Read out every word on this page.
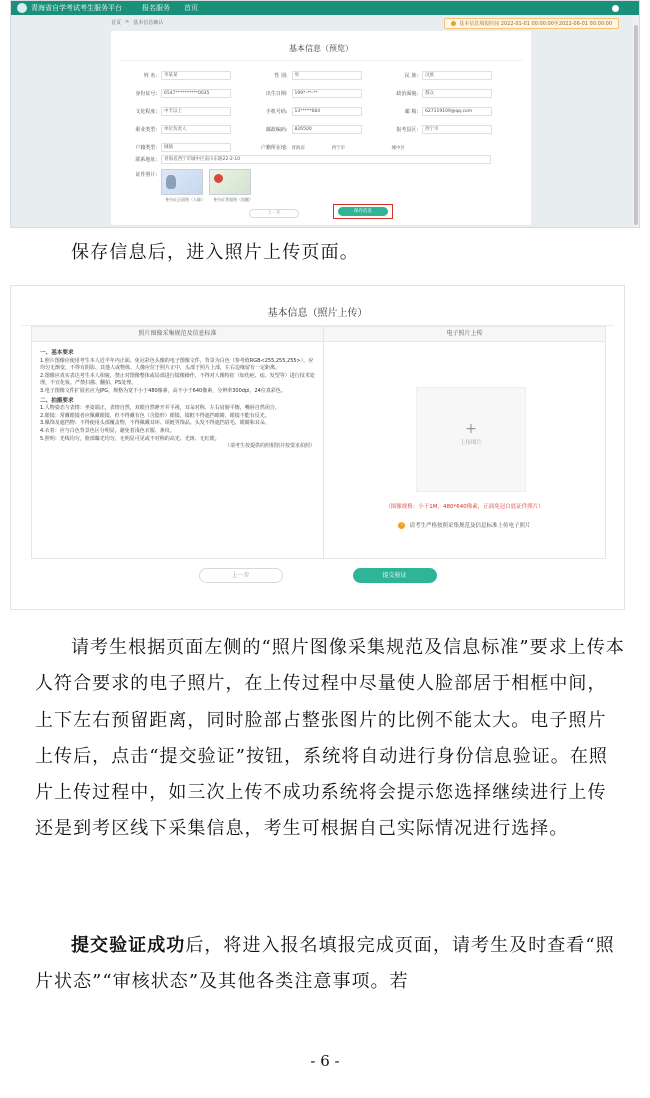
青海省自学考试考生服务平台	报名服务 首页
首页 > 基本信息确认	基本信息填报时间 2022-01-01 00:00:00至2022-06-01 00:00:00
基本信息（预览）
姓 名:	李某某	性 别:	男	民 族:	汉族
身份证号:	6547**********0035	出生日期:	199*-**-**	政治面貌:	群众
文化程度:	中专以上	手机号码:	13*****684	邮 箱:	627119109@qq.com
职业类型:	单位负责人	邮政编码:	826500	报考县区:	西宁市
户籍类型:	城镇	户籍所在地: 青海省	西宁市	城中区
联系地址:	青海省西宁市城中区南川东路22-2-10
证件照片:
身份证正面照（人像）	身份证背面照（国徽）
上一步	保存信息
保存信息后，进入照片上传页面。
基本信息（照片上传）
照片图像采集规范及信息标准
一、基本要求
1.照片图像应使用考生本人近半年内正面、免冠彩色头像的电子图像文件，背景为白色（参考值RGB<255,255,255>），应均匀无渐变，不得有阴影、其他人或物体。人像应位于照片正中，头部于照片上部，左右边缘留有一定距离。
2.图像应真实表达考生本人相貌，禁止对图像整体或局部进行镜像操作，不得对人像特征（如伤疤、痣、发型等）进行技术处理，不宜化妆。严禁扫描、翻拍、PS处理。
3.电子图像文件扩展名应为JPG，规格为宽不小于480像素，高不小于640像素，分辨率300dpi，24位真彩色。
二、拍摄要求
1.人物姿态与表情：坐姿端正，表情自然，双眼自然睁开并平视，耳朵对称，左右肩膀平衡，嘴唇自然闭合。
2.眼镜：常戴眼镜者应佩戴眼镜，但不得戴有色（含隐形）眼镜，镜框不得遮挡眼睛，眼镜不能有反光。
3.佩饰及遮挡物：不得使用头部覆盖物，不得佩戴耳环、项链等饰品。头发不得遮挡眉毛、眼睛和耳朵。
4.衣着：应与白色背景色区分明显，避免着浅色衣服、条纹。
5.照明：光线均匀，脸部曝光均匀，无明显可见或不对称的高光、光斑、无红眼。
（请考生按提供的照相馆并按要求拍照）
电子照片上传
+
上传图片
（图像规格：小于1M，480*640像素，正面免冠白底证件照片）
!	请考生严格按照采集规范及信息标准上传电子照片
上一步	提交验证
请考生根据页面左侧的“照片图像采集规范及信息标准”要求上传本人符合要求的电子照片，在上传过程中尽量使人脸部居于相框中间，上下左右预留距离，同时脸部占整张图片的比例不能太大。电子照片上传后，点击“提交验证”按钮，系统将自动进行身份信息验证。在照片上传过程中，如三次上传不成功系统将会提示您选择继续进行上传还是到考区线下采集信息，考生可根据自己实际情况进行选择。
提交验证成功后，将进入报名填报完成页面，请考生及时查看“照片状态”“审核状态”及其他各类注意事项。若
- 6 -
